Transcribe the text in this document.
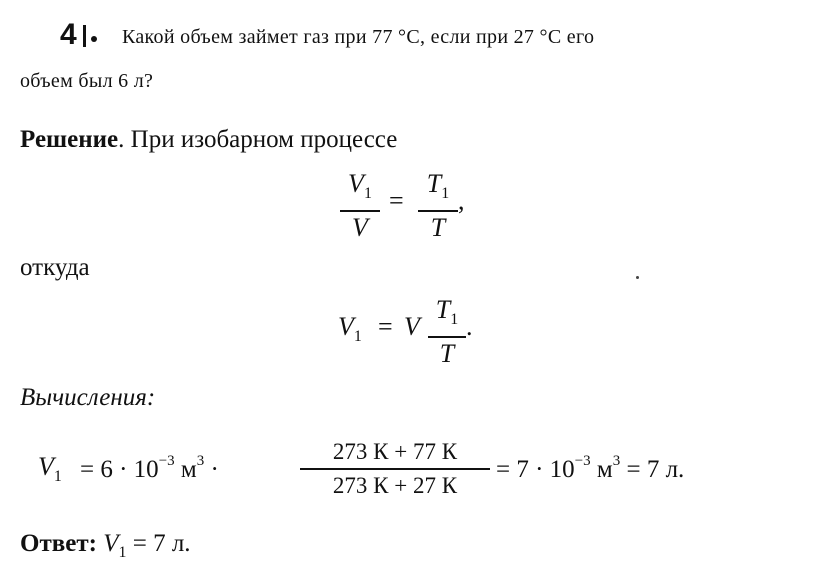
4	Какой объем займет газ при 77 °С, если при 27 °С его
объем был 6 л?
Решение. При изобарном процессе
$V_1$
V
=
$T_1$
T
,
откуда
$V_1 = V$
$T_1$
T
.
Вычисления:
$V_1 = 6 \cdot 10^{-3}$ $м^3$ ·
273 К + 77 К
273 К + 27 К
= $7 \cdot 10^{-3}$ $м^3 = 7$ л.
Ответ: $V_1 = 7$ л.
